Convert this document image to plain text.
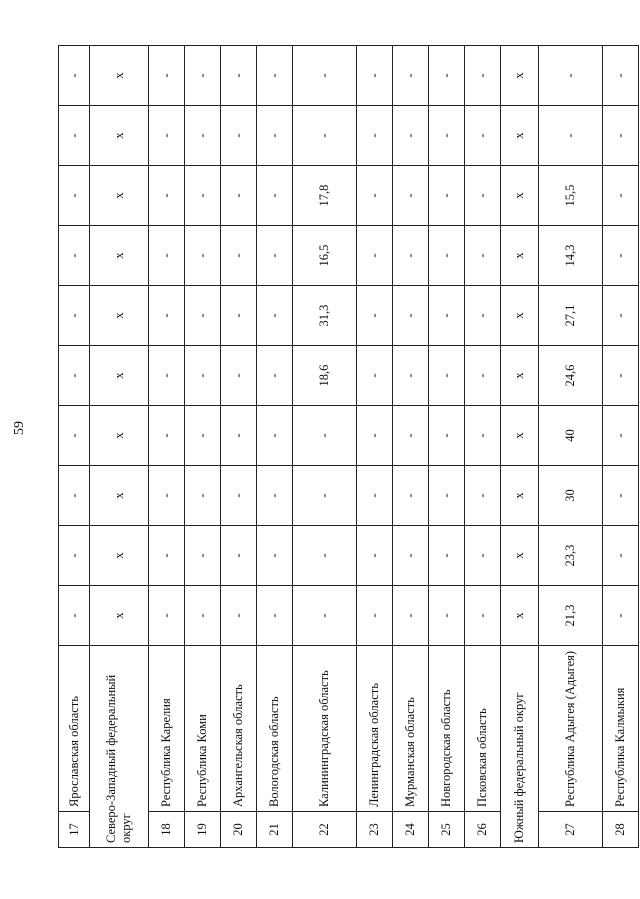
59
17	Ярославская область	-	-	-	-	-	-	-	-	-	-
Северо-Западный федеральный округ		x	x	x	x	x	x	x	x	x	x
18	Республика Карелия	-	-	-	-	-	-	-	-	-	-
19	Республика Коми	-	-	-	-	-	-	-	-	-	-
20	Архангельская область	-	-	-	-	-	-	-	-	-	-
21	Вологодская область	-	-	-	-	-	-	-	-	-	-
22	Калининградская область	-	-	-	-	18,6	31,3	16,5	17,8	-	-
23	Ленинградская область	-	-	-	-	-	-	-	-	-	-
24	Мурманская область	-	-	-	-	-	-	-	-	-	-
25	Новгородская область	-	-	-	-	-	-	-	-	-	-
26	Псковская область	-	-	-	-	-	-	-	-	-	-
Южный федеральный округ		x	x	x	x	x	x	x	x	x	x
27	Республика Адыгея (Адыгея)	21,3	23,3	30	40	24,6	27,1	14,3	15,5	-	-
28	Республика Калмыкия	-	-	-	-	-	-	-	-	-	-
